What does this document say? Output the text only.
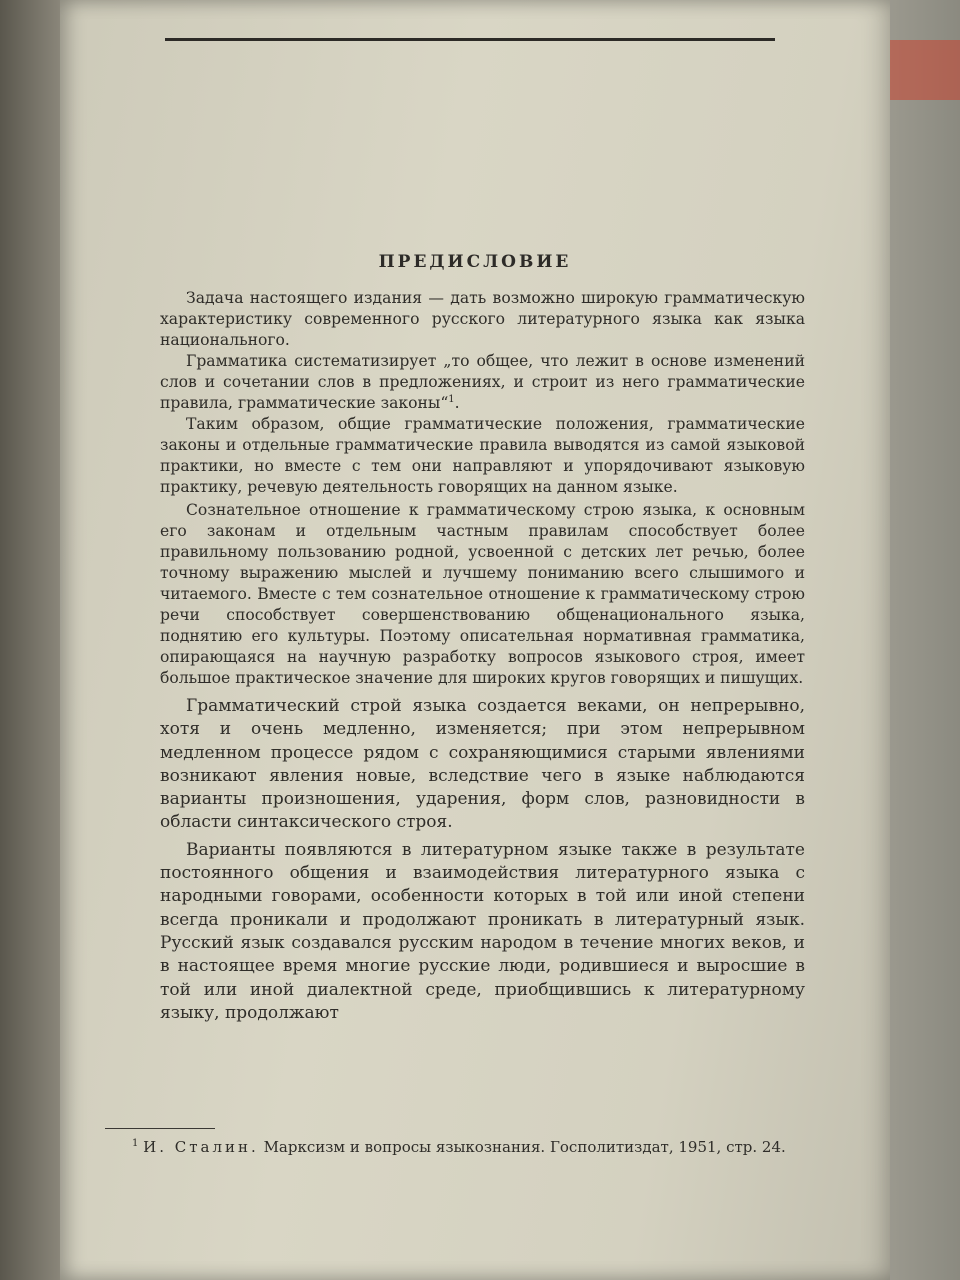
ПРЕДИСЛОВИЕ

Задача настоящего издания — дать возможно широкую грамматическую характеристику современного русского литературного языка как языка национального.

Грамматика систематизирует „то общее, что лежит в основе изменений слов и сочетании слов в предложениях, и строит из него грамматические правила, грамматические законы“$^1$.

Таким образом, общие грамматические положения, грамматические законы и отдельные грамматические правила выводятся из самой языковой практики, но вместе с тем они направляют и упорядочивают языковую практику, речевую деятельность говорящих на данном языке.

Сознательное отношение к грамматическому строю языка, к основным его законам и отдельным частным правилам способствует более правильному пользованию родной, усвоенной с детских лет речью, более точному выражению мыслей и лучшему пониманию всего слышимого и читаемого. Вместе с тем сознательное отношение к грамматическому строю речи способствует совершенствованию общенационального языка, поднятию его культуры. Поэтому описательная нормативная грамматика, опирающаяся на научную разработку вопросов языкового строя, имеет большое практическое значение для широких кругов говорящих и пишущих.

Грамматический строй языка создается веками, он непрерывно, хотя и очень медленно, изменяется; при этом непрерывном медленном процессе рядом с сохраняющимися старыми явлениями возникают явления новые, вследствие чего в языке наблюдаются варианты произношения, ударения, форм слов, разновидности в области синтаксического строя.

Варианты появляются в литературном языке также в результате постоянного общения и взаимодействия литературного языка с народными говорами, особенности которых в той или иной степени всегда проникали и продолжают проникать в литературный язык. Русский язык создавался русским народом в течение многих веков, и в настоящее время многие русские люди, родившиеся и выросшие в той или иной диалектной среде, приобщившись к литературному языку, продолжают

$^1$ И. Сталин. Марксизм и вопросы языкознания. Госполитиздат, 1951, стр. 24.
